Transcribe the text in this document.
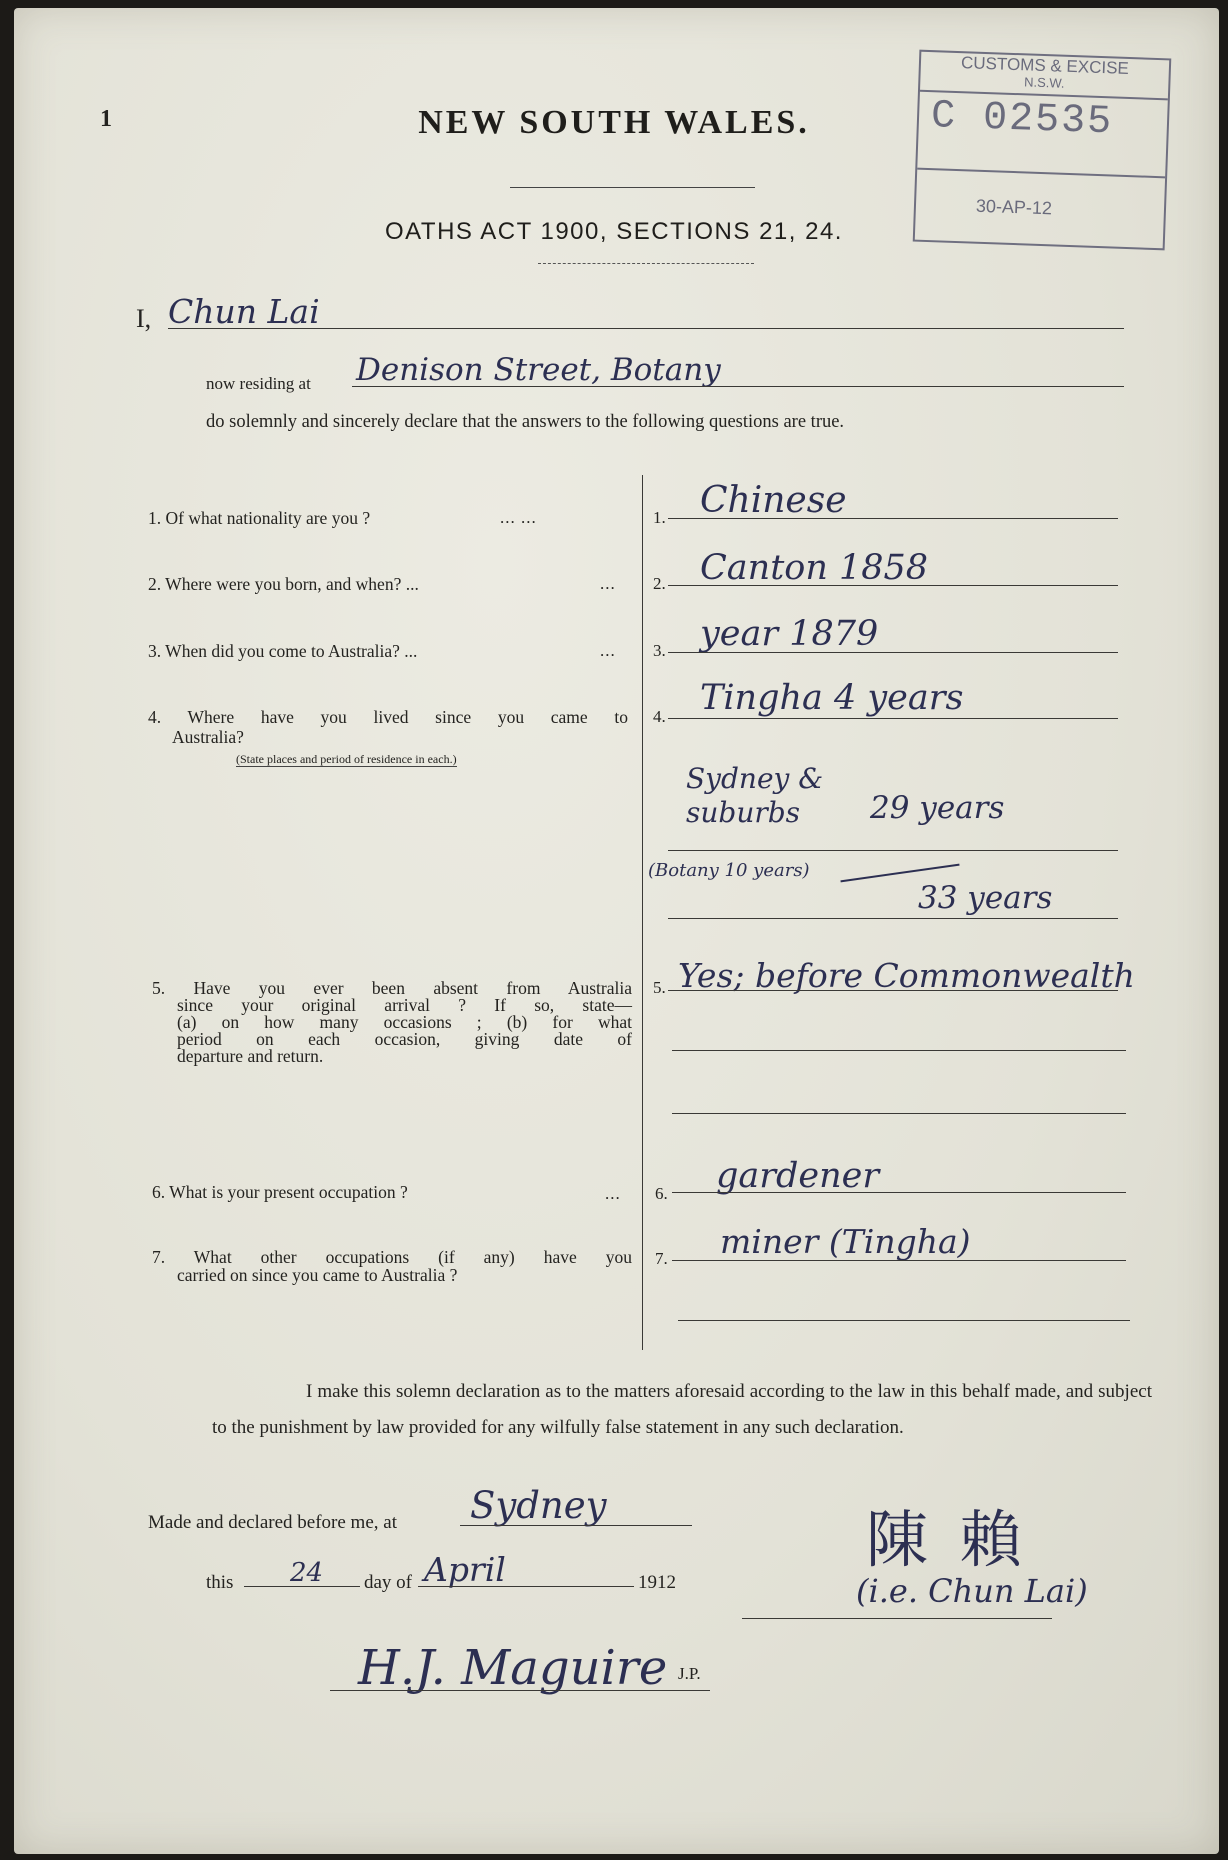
1	NEW SOUTH WALES.
OATHS ACT 1900, SECTIONS 21, 24.
CUSTOMS & EXCISE
N.S.W.
C 02535
30-AP-12
I, Chun Lai
now residing at Denison Street, Botany
do solemnly and sincerely declare that the answers to the following questions are true.
1. Of what nationality are you ?	... ...	1. Chinese
2. Where were you born, and when? ...	... 2. Canton 1858
3. When did you come to Australia? ...	... 3. year 1879
4. Where have you lived since you came to
Australia?
(State places and period of residence in each.)
4. Tingha 4 years
Sydney &
suburbs 29 years
(Botany 10 years)
33 years
5. Have you ever been absent from Australia
since your original arrival ? If so, state—
(a) on how many occasions ; (b) for what
period on each occasion, giving date of
departure and return.
5. Yes; before Commonwealth
6. What is your present occupation ?	... 6. gardener
7. What other occupations (if any) have you
carried on since you came to Australia ?
7. miner (Tingha)
I make this solemn declaration as to the matters aforesaid according to the law in this behalf made, and subject to the punishment by law provided for any wilfully false statement in any such declaration.
Made and declared before me, at Sydney
this 24 day of April	1912
陳 賴
(i.e. Chun Lai)
H.J. Maguire J.P.
